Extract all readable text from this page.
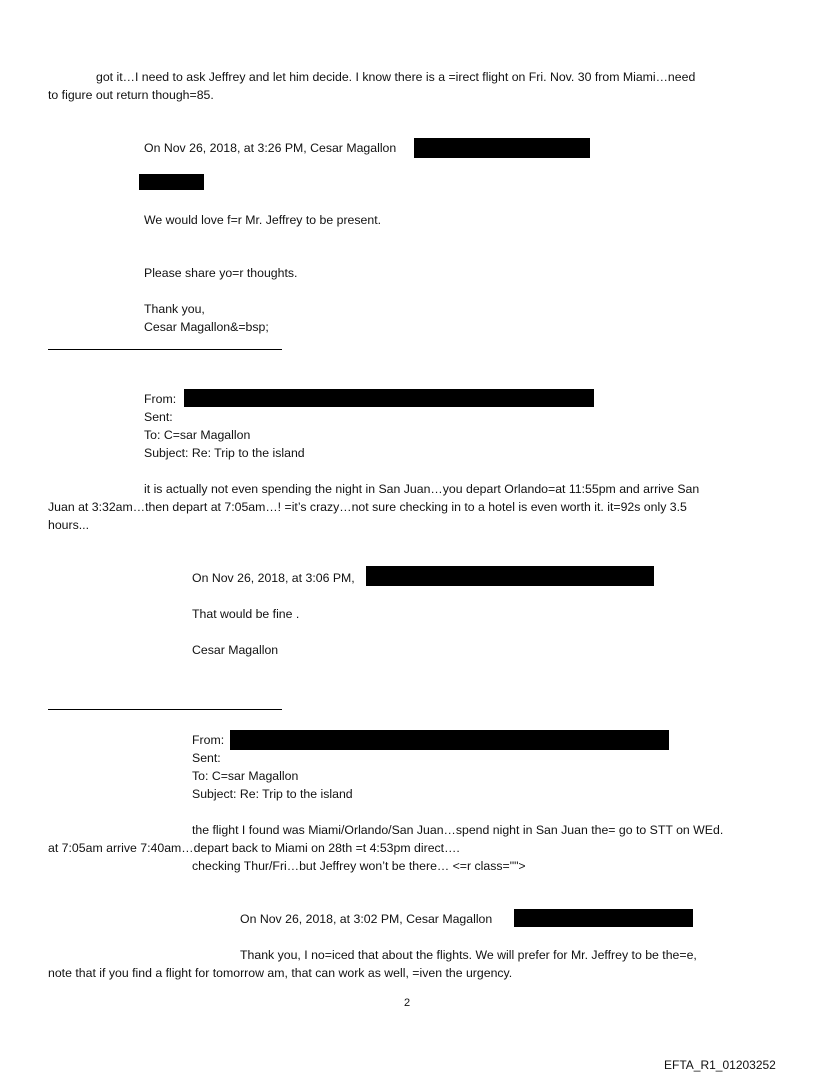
got it…I need to ask Jeffrey and let him decide. I know there is a =irect flight on Fri. Nov. 30 from Miami…need
to figure out return though=85.
On Nov 26, 2018, at 3:26 PM, Cesar Magallon
We would love f=r Mr. Jeffrey to be present.
Please share yo=r thoughts.
Thank you,
Cesar Magallon&=bsp;
From:
Sent:
To: C=sar Magallon
Subject: Re: Trip to the island
it is actually not even spending the night in San Juan…you depart Orlando=at 11:55pm and arrive San
Juan at 3:32am…then depart at 7:05am…! =it’s crazy…not sure checking in to a hotel is even worth it. it=92s only 3.5
hours...
On Nov 26, 2018, at 3:06 PM,
That would be fine .
Cesar Magallon
From:
Sent:
To: C=sar Magallon
Subject: Re: Trip to the island
the flight I found was Miami/Orlando/San Juan…spend night in San Juan the= go to STT on WEd.
at 7:05am arrive 7:40am…depart back to Miami on 28th =t 4:53pm direct….
checking Thur/Fri…but Jeffrey won’t be there… <=r class="">
On Nov 26, 2018, at 3:02 PM, Cesar Magallon
Thank you, I no=iced that about the flights. We will prefer for Mr. Jeffrey to be the=e,
note that if you find a flight for tomorrow am, that can work as well, =iven the urgency.
2
EFTA_R1_01203252
